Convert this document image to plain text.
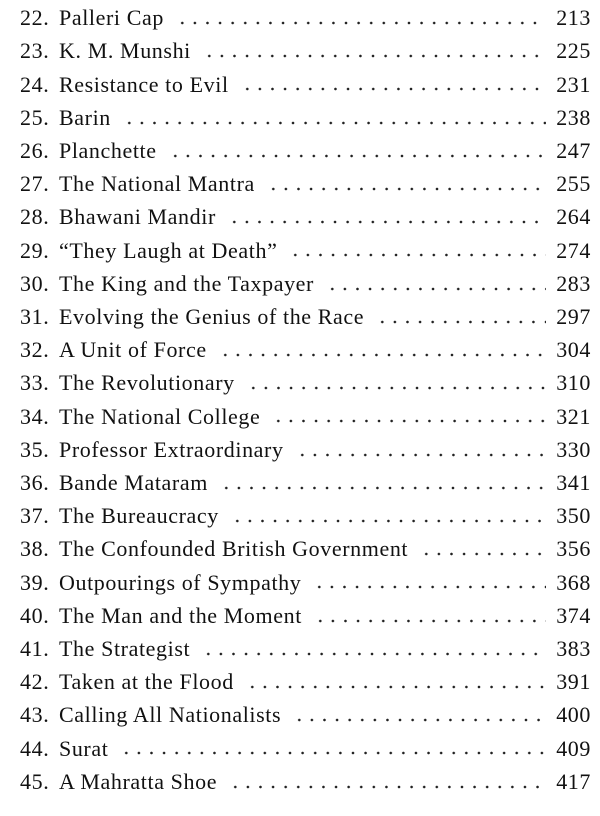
22. Palleri Cap	213
23. K. M. Munshi	225
24. Resistance to Evil	231
25. Barin	238
26. Planchette	247
27. The National Mantra	255
28. Bhawani Mandir	264
29. “They Laugh at Death”	274
30. The King and the Taxpayer	283
31. Evolving the Genius of the Race	297
32. A Unit of Force	304
33. The Revolutionary	310
34. The National College	321
35. Professor Extraordinary	330
36. Bande Mataram	341
37. The Bureaucracy	350
38. The Confounded British Government	356
39. Outpourings of Sympathy	368
40. The Man and the Moment	374
41. The Strategist	383
42. Taken at the Flood	391
43. Calling All Nationalists	400
44. Surat	409
45. A Mahratta Shoe	417
